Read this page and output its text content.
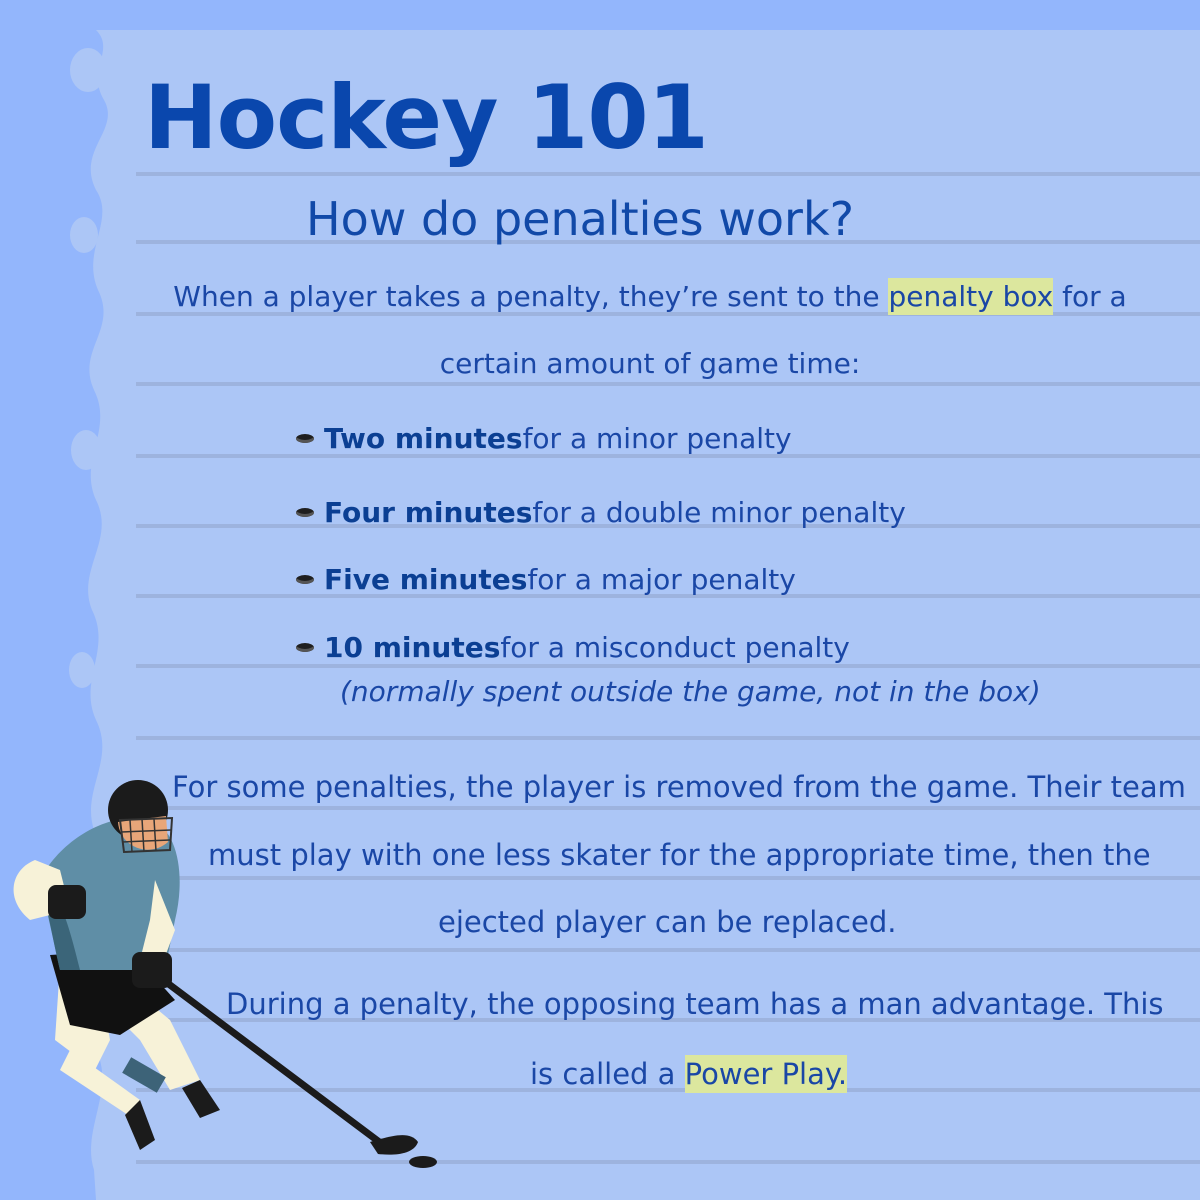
Hockey 101
How do penalties work?

When a player takes a penalty, they’re sent to the penalty box for a

certain amount of game time:

Two minutes for a minor penalty

Four minutes for a double minor penalty

Five minutes for a major penalty

10 minutes for a misconduct penalty

(normally spent outside the game, not in the box)

For some penalties, the player is removed from the game. Their team

must play with one less skater for the appropriate time, then the

ejected player can be replaced.

During a penalty, the opposing team has a man advantage. This

is called a Power Play.
